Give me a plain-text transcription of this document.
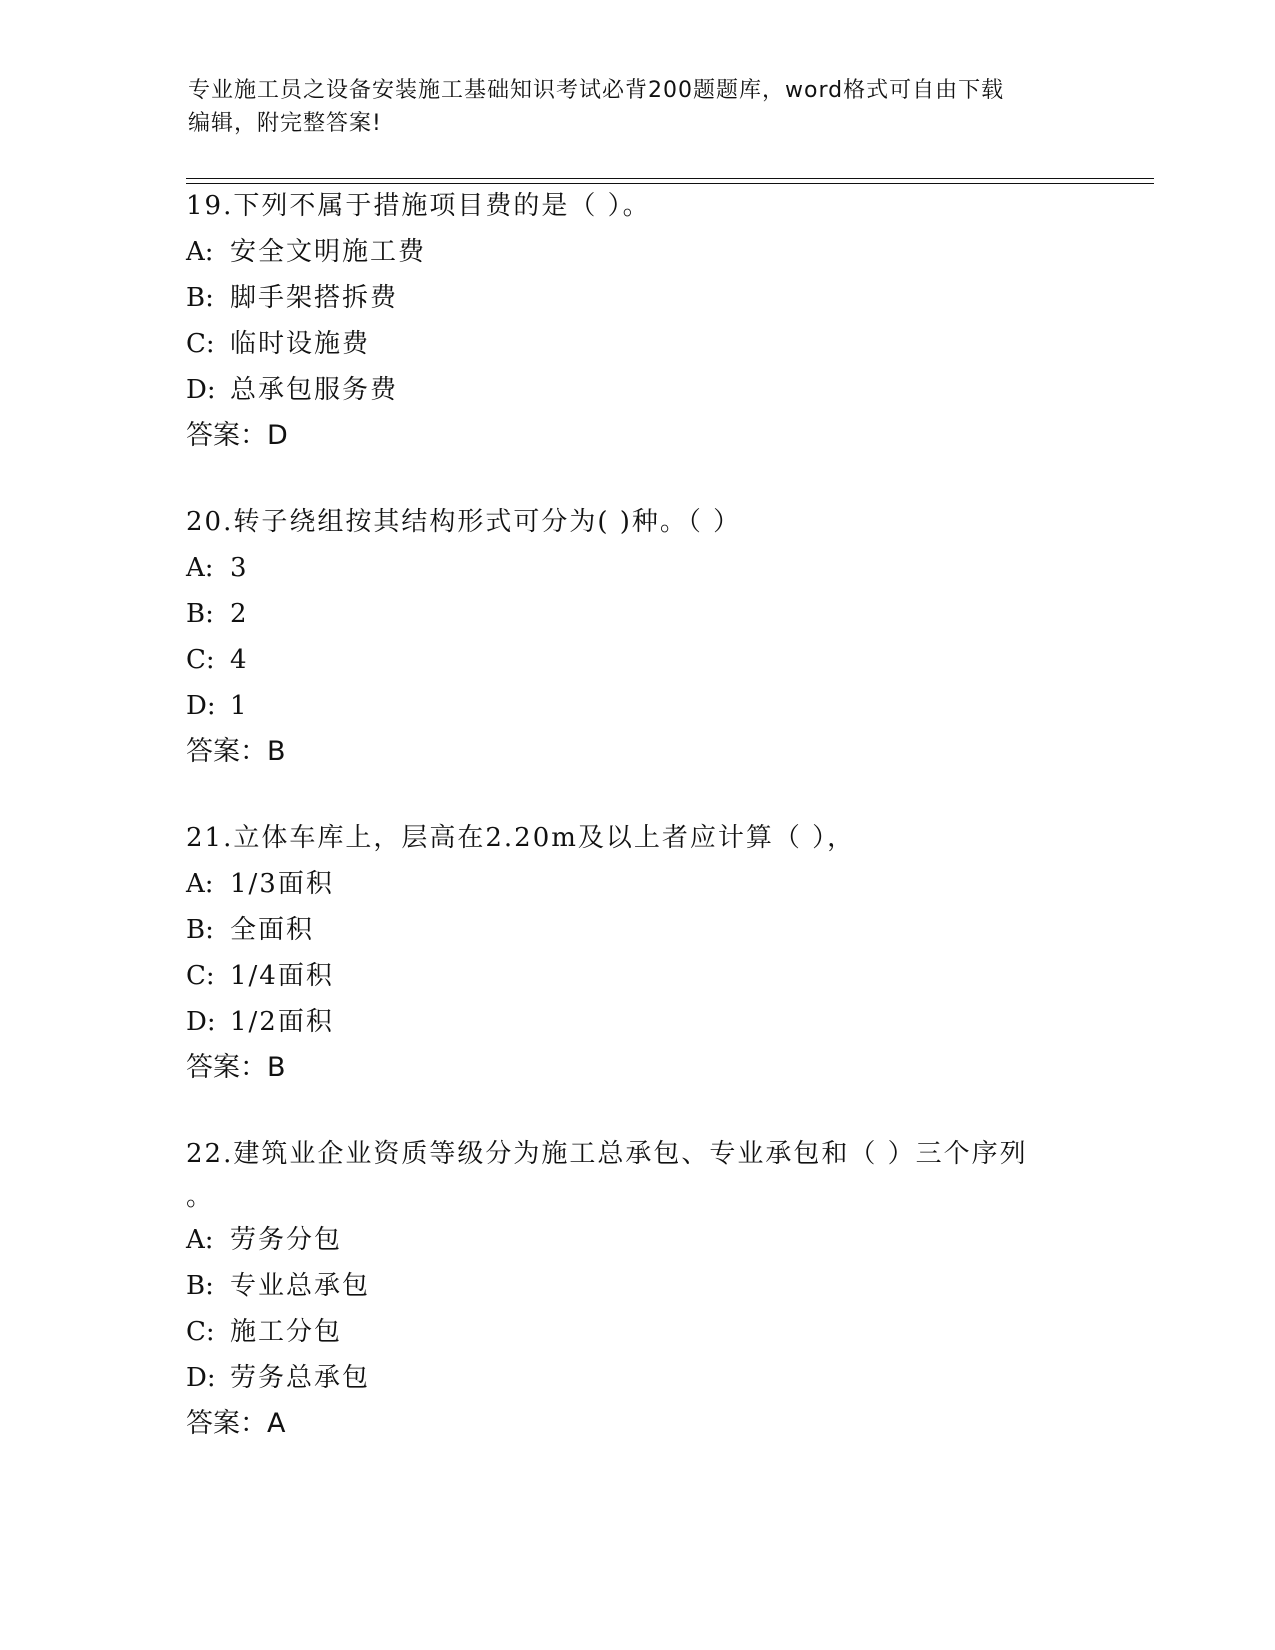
专业施工员之设备安装施工基础知识考试必背200题题库，word格式可自由下载
编辑，附完整答案!
19.下列不属于措施项目费的是（ ）。
A: 安全文明施工费
B: 脚手架搭拆费
C: 临时设施费
D: 总承包服务费
答案：D
20.转子绕组按其结构形式可分为( )种。（ ）
A: 3
B: 2
C: 4
D: 1
答案：B
21.立体车库上，层高在2.20m及以上者应计算（ ），
A: 1/3面积
B: 全面积
C: 1/4面积
D: 1/2面积
答案：B
22.建筑业企业资质等级分为施工总承包、专业承包和（ ）三个序列
。
A: 劳务分包
B: 专业总承包
C: 施工分包
D: 劳务总承包
答案：A
